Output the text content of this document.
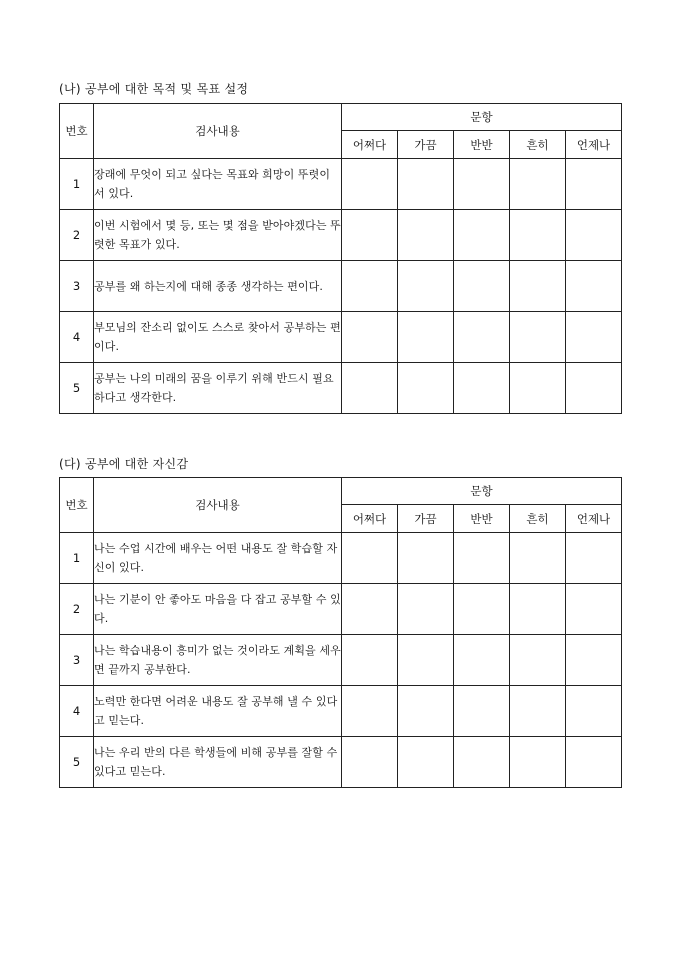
(나) 공부에 대한 목적 및 목표 설정
번호	검사내용	문항				
		어쩌다	가끔	반반	흔히	언제나
1	장래에 무엇이 되고 싶다는 목표와 희망이 뚜렷이 서 있다.					
2	이번 시험에서 몇 등, 또는 몇 점을 받아야겠다는 뚜렷한 목표가 있다.					
3	공부를 왜 하는지에 대해 종종 생각하는 편이다.					
4	부모님의 잔소리 없이도 스스로 찾아서 공부하는 편이다.					
5	공부는 나의 미래의 꿈을 이루기 위해 반드시 필요하다고 생각한다.					
(다) 공부에 대한 자신감
번호	검사내용	문항				
		어쩌다	가끔	반반	흔히	언제나
1	나는 수업 시간에 배우는 어떤 내용도 잘 학습할 자신이 있다.					
2	나는 기분이 안 좋아도 마음을 다 잡고 공부할 수 있다.					
3	나는 학습내용이 흥미가 없는 것이라도 계획을 세우면 끝까지 공부한다.					
4	노력만 한다면 어려운 내용도 잘 공부해 낼 수 있다고 믿는다.					
5	나는 우리 반의 다른 학생들에 비해 공부를 잘할 수 있다고 믿는다.					
